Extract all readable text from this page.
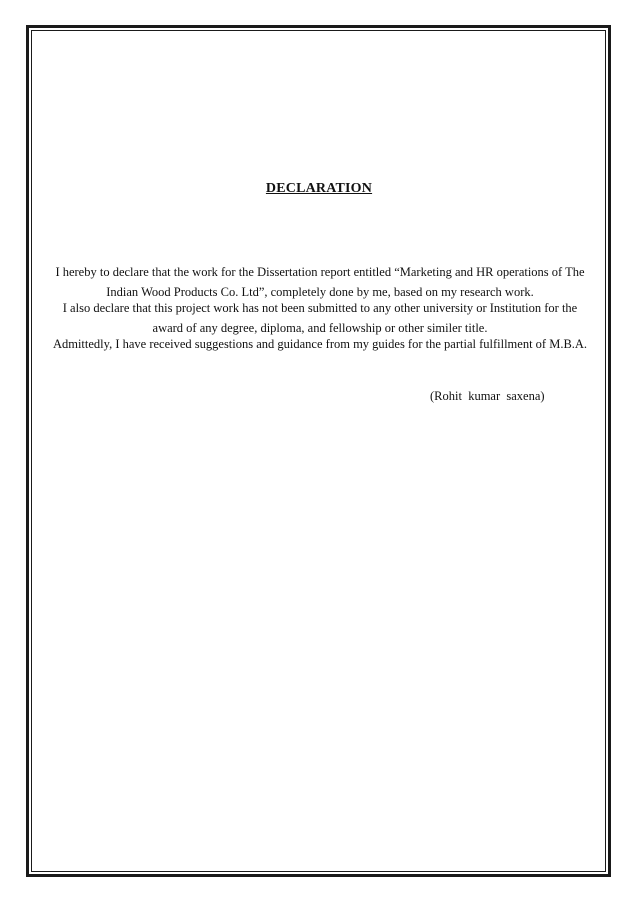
DECLARATION
I hereby to declare that the work for the Dissertation report entitled “Marketing and HR operations of The Indian Wood Products Co. Ltd”, completely done by me, based on my research work.
I also declare that this project work has not been submitted to any other university or Institution for the award of any degree, diploma, and fellowship or other similer title.
Admittedly, I have received suggestions and guidance from my guides for the partial fulfillment of M.B.A.
(Rohit  kumar  saxena)
